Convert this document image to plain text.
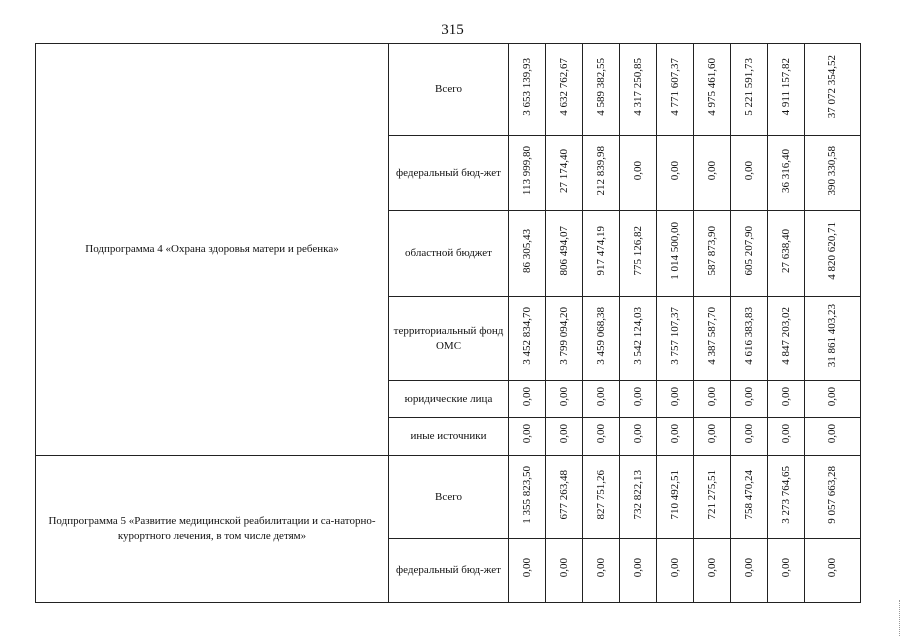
315
Подпрограмма 4 «Охрана здоровья матери и ребенка»	Всего	3 653 139,93	4 632 762,67	4 589 382,55	4 317 250,85	4 771 607,37	4 975 461,60	5 221 591,73	4 911 157,82	37 072 354,52
	федеральный бюд-жет	113 999,80	27 174,40	212 839,98	0,00	0,00	0,00	0,00	36 316,40	390 330,58
	областной бюджет	86 305,43	806 494,07	917 474,19	775 126,82	1 014 500,00	587 873,90	605 207,90	27 638,40	4 820 620,71
	территориальный фонд ОМС	3 452 834,70	3 799 094,20	3 459 068,38	3 542 124,03	3 757 107,37	4 387 587,70	4 616 383,83	4 847 203,02	31 861 403,23
	юридические лица	0,00	0,00	0,00	0,00	0,00	0,00	0,00	0,00	0,00
	иные источники	0,00	0,00	0,00	0,00	0,00	0,00	0,00	0,00	0,00
Подпрограмма 5 «Развитие медицинской реабилитации и са-наторно-курортного лечения, в том числе детям»	Всего	1 355 823,50	677 263,48	827 751,26	732 822,13	710 492,51	721 275,51	758 470,24	3 273 764,65	9 057 663,28
	федеральный бюд-жет	0,00	0,00	0,00	0,00	0,00	0,00	0,00	0,00	0,00
